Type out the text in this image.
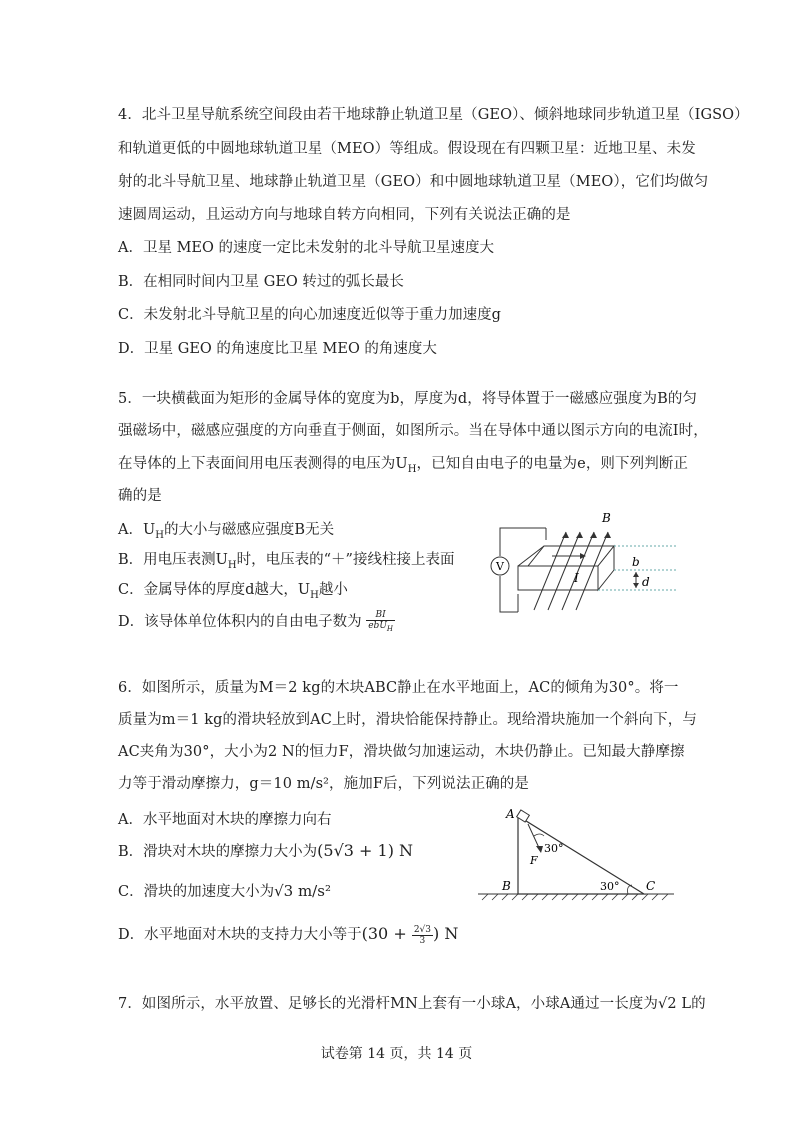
4．北斗卫星导航系统空间段由若干地球静止轨道卫星（GEO）、倾斜地球同步轨道卫星（IGSO）
和轨道更低的中圆地球轨道卫星（MEO）等组成。假设现在有四颗卫星：近地卫星、未发
射的北斗导航卫星、地球静止轨道卫星（GEO）和中圆地球轨道卫星（MEO），它们均做匀
速圆周运动，且运动方向与地球自转方向相同，下列有关说法正确的是
A．卫星 MEO 的速度一定比未发射的北斗导航卫星速度大
B．在相同时间内卫星 GEO 转过的弧长最长
C．未发射北斗导航卫星的向心加速度近似等于重力加速度g
D．卫星 GEO 的角速度比卫星 MEO 的角速度大
5．一块横截面为矩形的金属导体的宽度为b，厚度为d，将导体置于一磁感应强度为B的匀
强磁场中，磁感应强度的方向垂直于侧面，如图所示。当在导体中通以图示方向的电流I时，
在导体的上下表面间用电压表测得的电压为$U_H$，已知自由电子的电量为e，则下列判断正
确的是
A．$U_H$的大小与磁感应强度B无关
B．用电压表测$U_H$时，电压表的“＋”接线柱接上表面
C．金属导体的厚度d越大，$U_H$越小
D．该导体单位体积内的自由电子数为	BI
ebU$_H$
V
B
I
b
d
6．如图所示，质量为M＝2 kg的木块ABC静止在水平地面上，AC的倾角为30°。将一
质量为m＝1 kg的滑块轻放到AC上时，滑块恰能保持静止。现给滑块施加一个斜向下，与
AC夹角为30°，大小为2 N的恒力F，滑块做匀加速运动，木块仍静止。已知最大静摩擦
力等于滑动摩擦力，g＝10 m/s²，施加F后，下列说法正确的是
A．水平地面对木块的摩擦力向右
B．滑块对木块的摩擦力大小为(5√3 + 1) N
C．滑块的加速度大小为√3 m/s²
D．水平地面对木块的支持力大小等于($30 + \frac{2√3}{3}$ ) N
A
B	C
F
30°
30°
7．如图所示，水平放置、足够长的光滑杆MN上套有一小球A，小球A通过一长度为√2 L的
试卷第 14 页，共 14 页
